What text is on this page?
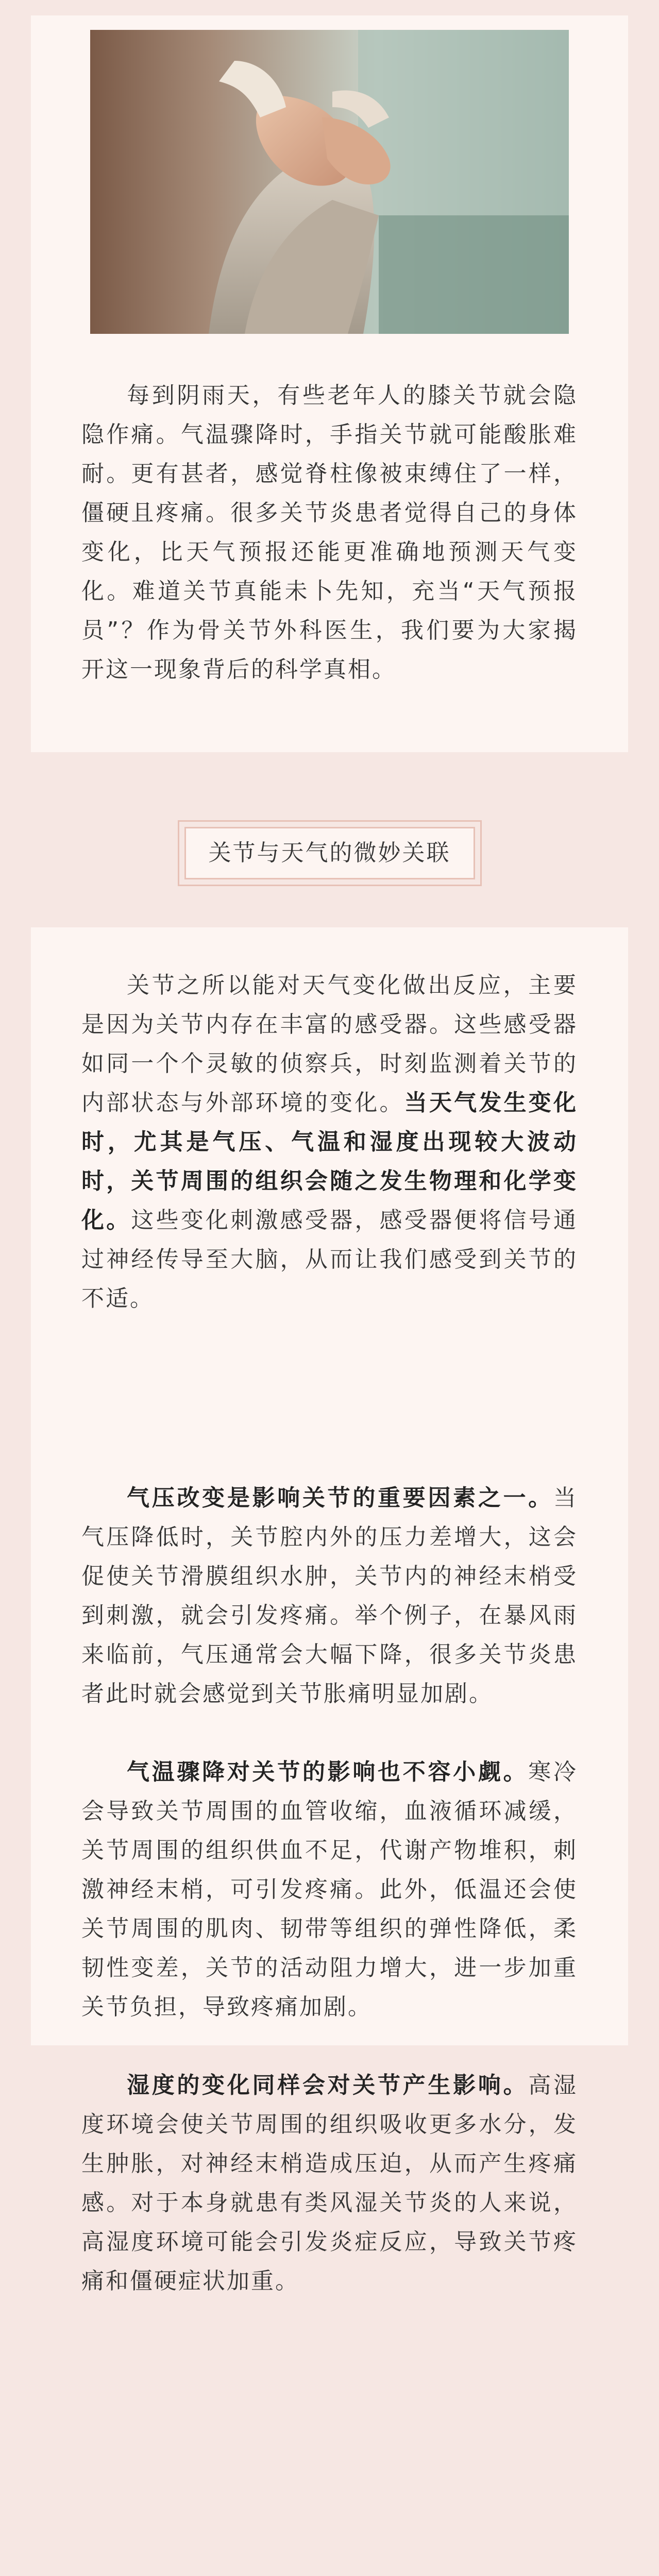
每到阴雨天，有些老年人的膝关节就会隐隐作痛。气温骤降时，手指关节就可能酸胀难耐。更有甚者，感觉脊柱像被束缚住了一样，僵硬且疼痛。很多关节炎患者觉得自己的身体变化，比天气预报还能更准确地预测天气变化。难道关节真能未卜先知，充当“天气预报员”？作为骨关节外科医生，我们要为大家揭开这一现象背后的科学真相。

关节与天气的微妙关联

关节之所以能对天气变化做出反应，主要是因为关节内存在丰富的感受器。这些感受器如同一个个灵敏的侦察兵，时刻监测着关节的内部状态与外部环境的变化。当天气发生变化时，尤其是气压、气温和湿度出现较大波动时，关节周围的组织会随之发生物理和化学变化。这些变化刺激感受器，感受器便将信号通过神经传导至大脑，从而让我们感受到关节的不适。

气压改变是影响关节的重要因素之一。当气压降低时，关节腔内外的压力差增大，这会促使关节滑膜组织水肿，关节内的神经末梢受到刺激，就会引发疼痛。举个例子，在暴风雨来临前，气压通常会大幅下降，很多关节炎患者此时就会感觉到关节胀痛明显加剧。

气温骤降对关节的影响也不容小觑。寒冷会导致关节周围的血管收缩，血液循环减缓，关节周围的组织供血不足，代谢产物堆积，刺激神经末梢，可引发疼痛。此外，低温还会使关节周围的肌肉、韧带等组织的弹性降低，柔韧性变差，关节的活动阻力增大，进一步加重关节负担，导致疼痛加剧。

湿度的变化同样会对关节产生影响。高湿度环境会使关节周围的组织吸收更多水分，发生肿胀，对神经末梢造成压迫，从而产生疼痛感。对于本身就患有类风湿关节炎的人来说，高湿度环境可能会引发炎症反应，导致关节疼痛和僵硬症状加重。
